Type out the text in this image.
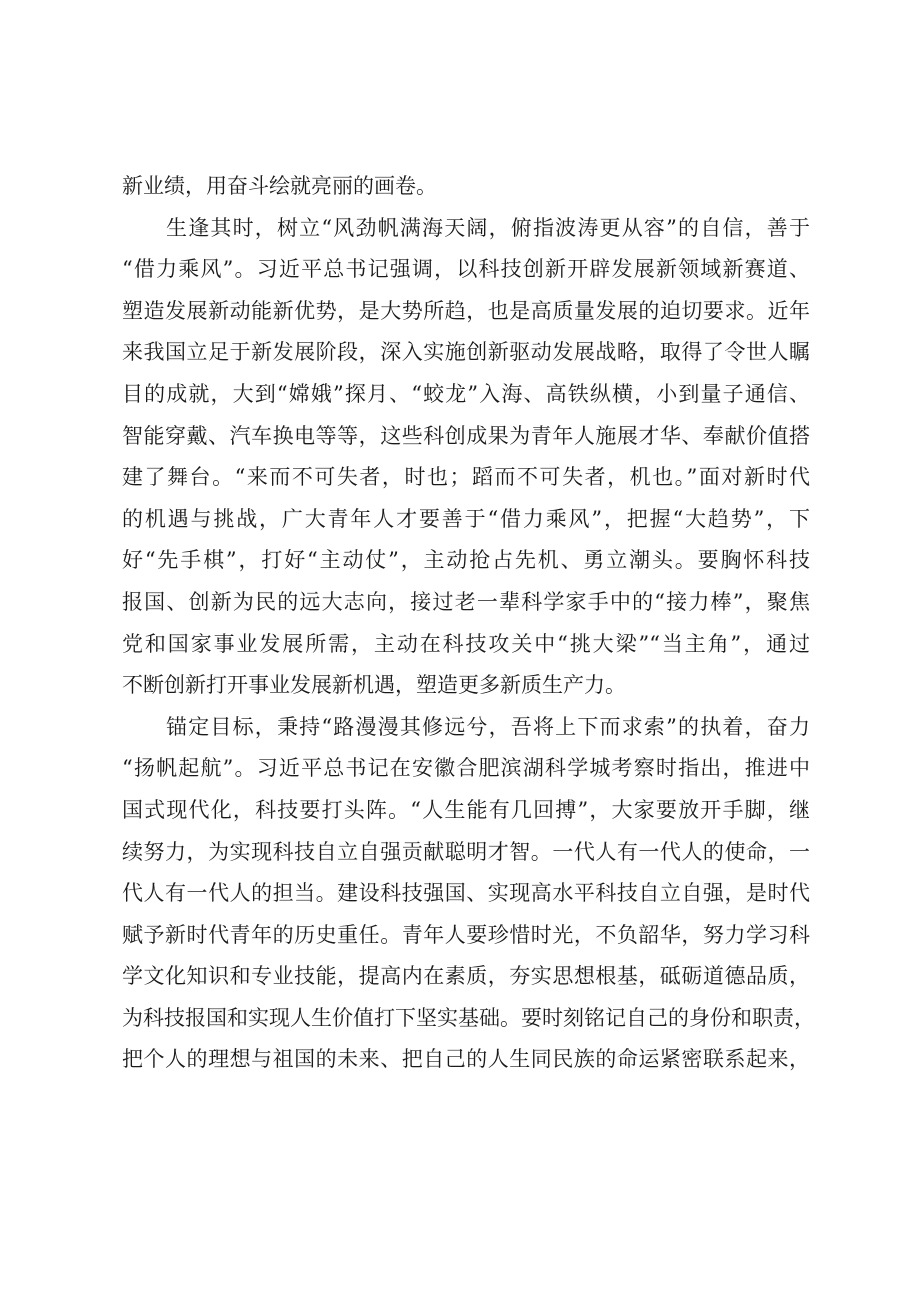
新业绩，用奋斗绘就亮丽的画卷。
生逢其时，树立“风劲帆满海天阔，俯指波涛更从容”的自信，善于
“借力乘风”。习近平总书记强调，以科技创新开辟发展新领域新赛道、
塑造发展新动能新优势，是大势所趋，也是高质量发展的迫切要求。近年
来我国立足于新发展阶段，深入实施创新驱动发展战略，取得了令世人瞩
目的成就，大到“嫦娥”探月、“蛟龙”入海、高铁纵横，小到量子通信、
智能穿戴、汽车换电等等，这些科创成果为青年人施展才华、奉献价值搭
建了舞台。“来而不可失者，时也；蹈而不可失者，机也。”面对新时代
的机遇与挑战，广大青年人才要善于“借力乘风”，把握“大趋势”，下
好“先手棋”，打好“主动仗”，主动抢占先机、勇立潮头。要胸怀科技
报国、创新为民的远大志向，接过老一辈科学家手中的“接力棒”，聚焦
党和国家事业发展所需，主动在科技攻关中“挑大梁”“当主角”，通过
不断创新打开事业发展新机遇，塑造更多新质生产力。
锚定目标，秉持“路漫漫其修远兮，吾将上下而求索”的执着，奋力
“扬帆起航”。习近平总书记在安徽合肥滨湖科学城考察时指出，推进中
国式现代化，科技要打头阵。“人生能有几回搏”，大家要放开手脚，继
续努力，为实现科技自立自强贡献聪明才智。一代人有一代人的使命，一
代人有一代人的担当。建设科技强国、实现高水平科技自立自强，是时代
赋予新时代青年的历史重任。青年人要珍惜时光，不负韶华，努力学习科
学文化知识和专业技能，提高内在素质，夯实思想根基，砥砺道德品质，
为科技报国和实现人生价值打下坚实基础。要时刻铭记自己的身份和职责，
把个人的理想与祖国的未来、把自己的人生同民族的命运紧密联系起来，
